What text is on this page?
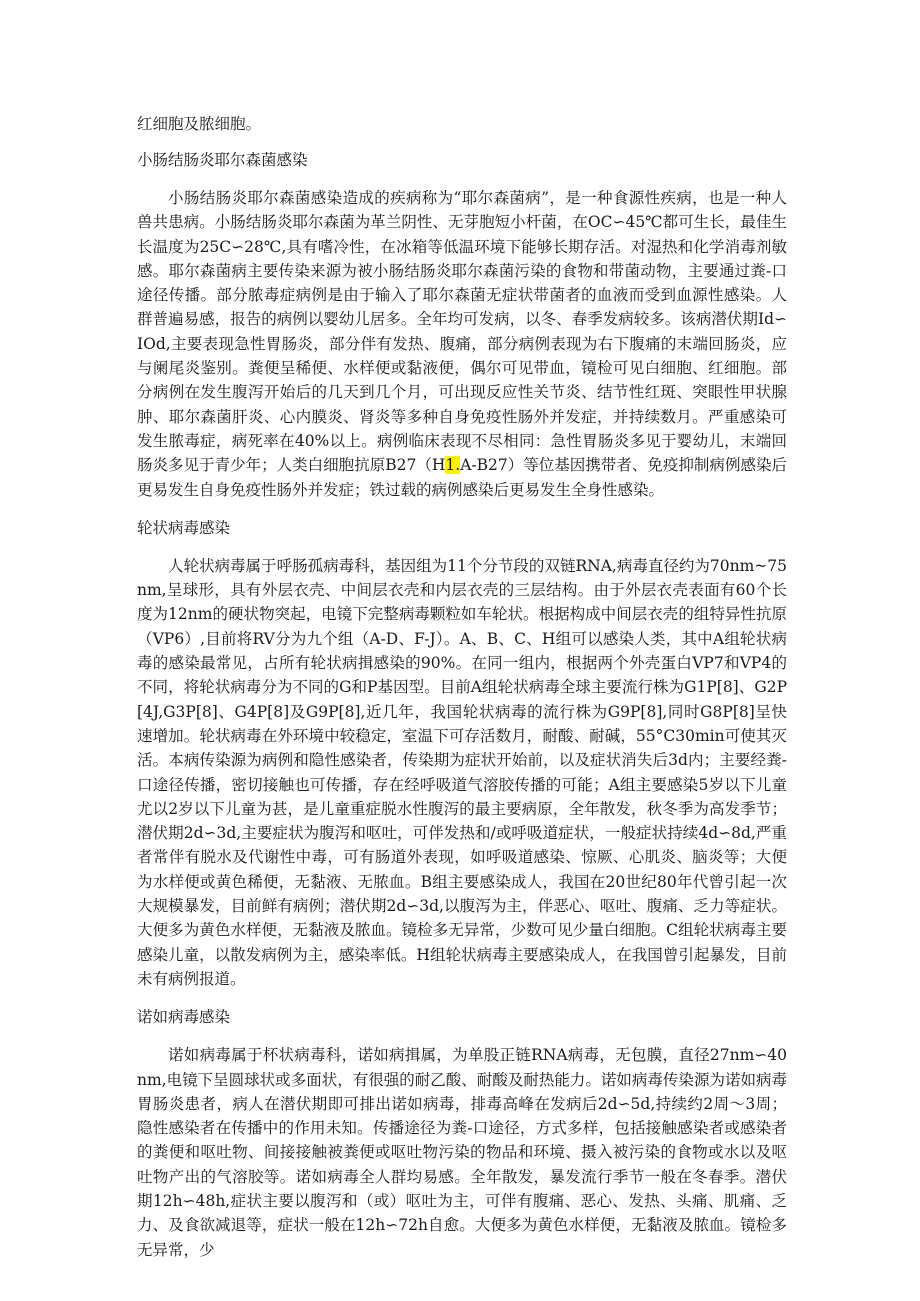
红细胞及脓细胞。

小肠结肠炎耶尔森菌感染

小肠结肠炎耶尔森菌感染造成的疾病称为“耶尔森菌病”，是一种食源性疾病，也是一种人兽共患病。小肠结肠炎耶尔森菌为革兰阴性、无芽胞短小杆菌，在OC∽45℃都可生长，最佳生长温度为25C∽28℃,具有嗜冷性，在冰箱等低温环境下能够长期存活。对湿热和化学消毒剂敏感。耶尔森菌病主要传染来源为被小肠结肠炎耶尔森菌污染的食物和带菌动物，主要通过粪-口途径传播。部分脓毒症病例是由于输入了耶尔森菌无症状带菌者的血液而受到血源性感染。人群普遍易感，报告的病例以婴幼儿居多。全年均可发病，以冬、春季发病较多。该病潜伏期Id∽IOd,主要表现急性胃肠炎，部分伴有发热、腹痛，部分病例表现为右下腹痛的末端回肠炎，应与阑尾炎鉴别。粪便呈稀便、水样便或黏液便，偶尔可见带血，镜检可见白细胞、红细胞。部分病例在发生腹泻开始后的几天到几个月，可出现反应性关节炎、结节性红斑、突眼性甲状腺肿、耶尔森菌肝炎、心内膜炎、肾炎等多种自身免疫性肠外并发症，并持续数月。严重感染可发生脓毒症，病死率在40%以上。病例临床表现不尽相同：急性胃肠炎多见于婴幼儿，末端回肠炎多见于青少年；人类白细胞抗原B27（H1.A-B27）等位基因携带者、免疫抑制病例感染后更易发生自身免疫性肠外并发症；铁过载的病例感染后更易发生全身性感染。

轮状病毒感染

人轮状病毒属于呼肠孤病毒科，基因组为11个分节段的双链RNA,病毒直径约为70nm~75nm,呈球形，具有外层衣壳、中间层衣壳和内层衣壳的三层结构。由于外层衣壳表面有60个长度为12nm的硬状物突起，电镜下完整病毒颗粒如车轮状。根据构成中间层衣壳的组特异性抗原（VP6）,目前将RV分为九个组（A-D、F-J）。A、B、C、H组可以感染人类，其中A组轮状病毒的感染最常见，占所有轮状病揖感染的90%。在同一组内，根据两个外壳蛋白VP7和VP4的不同，将轮状病毒分为不同的G和P基因型。目前A组轮状病毒全球主要流行株为G1P[8]、G2P[4J,G3P[8]、G4P[8]及G9P[8],近几年，我国轮状病毒的流行株为G9P[8],同时G8P[8]呈快速增加。轮状病毒在外环境中较稳定，室温下可存活数月，耐酸、耐碱，55°C30min可使其灭活。本病传染源为病例和隐性感染者，传染期为症状开始前，以及症状消失后3d内；主要经粪-口途径传播，密切接触也可传播，存在经呼吸道气溶胶传播的可能；A组主要感染5岁以下儿童尤以2岁以下儿童为甚，是儿童重症脱水性腹泻的最主要病原，全年散发，秋冬季为高发季节；潜伏期2d∽3d,主要症状为腹泻和呕吐，可伴发热和/或呼吸道症状，一般症状持续4d∽8d,严重者常伴有脱水及代谢性中毒，可有肠道外表现，如呼吸道感染、惊厥、心肌炎、脑炎等；大便为水样便或黄色稀便，无黏液、无脓血。B组主要感染成人，我国在20世纪80年代曾引起一次大规模暴发，目前鲜有病例；潜伏期2d∽3d,以腹泻为主，伴恶心、呕吐、腹痛、乏力等症状。大便多为黄色水样便，无黏液及脓血。镜检多无异常，少数可见少量白细胞。C组轮状病毒主要感染儿童，以散发病例为主，感染率低。H组轮状病毒主要感染成人，在我国曾引起暴发，目前未有病例报道。

诺如病毒感染

诺如病毒属于杯状病毒科，诺如病揖属，为单股正链RNA病毒，无包膜，直径27nm∽40nm,电镜下呈圆球状或多面状，有很强的耐乙酸、耐酸及耐热能力。诺如病毒传染源为诺如病毒胃肠炎患者，病人在潜伏期即可排出诺如病毒，排毒高峰在发病后2d∽5d,持续约2周〜3周；隐性感染者在传播中的作用未知。传播途径为粪-口途径，方式多样，包括接触感染者或感染者的粪便和呕吐物、间接接触被粪便或呕吐物污染的物品和环境、摄入被污染的食物或水以及呕吐物产出的气溶胶等。诺如病毒全人群均易感。全年散发，暴发流行季节一般在冬春季。潜伏期12h∽48h,症状主要以腹泻和（或）呕吐为主，可伴有腹痛、恶心、发热、头痛、肌痛、乏力、及食欲减退等，症状一般在12h∽72h自愈。大便多为黄色水样便，无黏液及脓血。镜检多无异常，少
